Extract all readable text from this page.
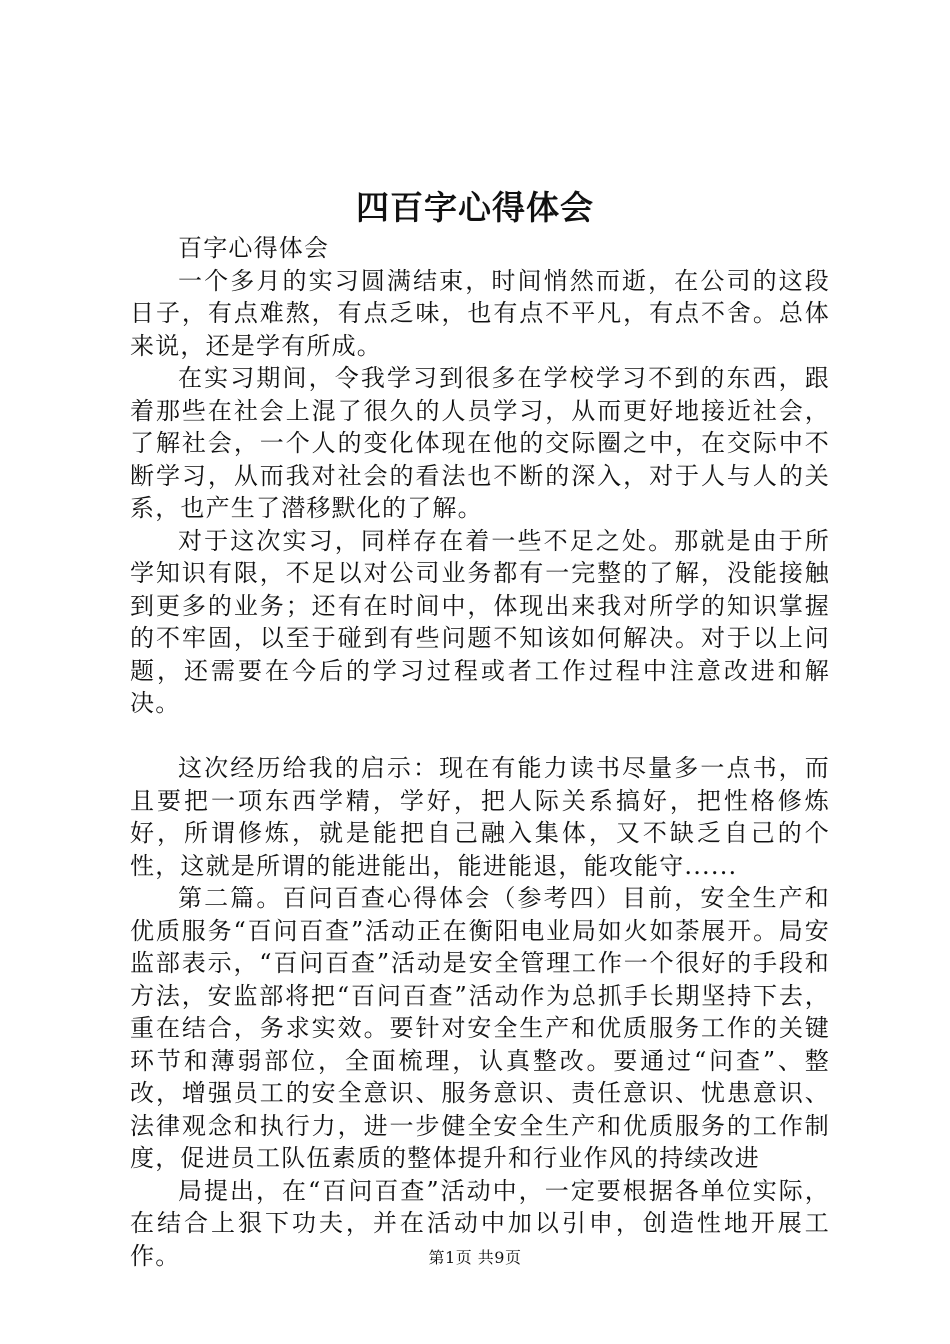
四百字心得体会

百字心得体会

一个多月的实习圆满结束，时间悄然而逝，在公司的这段日子，有点难熬，有点乏味，也有点不平凡，有点不舍。总体来说，还是学有所成。

在实习期间，令我学习到很多在学校学习不到的东西，跟着那些在社会上混了很久的人员学习，从而更好地接近社会，了解社会，一个人的变化体现在他的交际圈之中，在交际中不断学习，从而我对社会的看法也不断的深入，对于人与人的关系，也产生了潜移默化的了解。

对于这次实习，同样存在着一些不足之处。那就是由于所学知识有限，不足以对公司业务都有一完整的了解，没能接触到更多的业务；还有在时间中，体现出来我对所学的知识掌握的不牢固，以至于碰到有些问题不知该如何解决。对于以上问题，还需要在今后的学习过程或者工作过程中注意改进和解决。

这次经历给我的启示：现在有能力读书尽量多一点书，而且要把一项东西学精，学好，把人际关系搞好，把性格修炼好，所谓修炼，就是能把自己融入集体，又不缺乏自己的个性，这就是所谓的能进能出，能进能退，能攻能守......

第二篇。百问百查心得体会（参考四）目前，安全生产和优质服务“百问百查”活动正在衡阳电业局如火如荼展开。局安监部表示，“百问百查”活动是安全管理工作一个很好的手段和方法，安监部将把“百问百查”活动作为总抓手长期坚持下去，重在结合，务求实效。要针对安全生产和优质服务工作的关键环节和薄弱部位，全面梳理，认真整改。要通过“问查”、整改，增强员工的安全意识、服务意识、责任意识、忧患意识、法律观念和执行力，进一步健全安全生产和优质服务的工作制度，促进员工队伍素质的整体提升和行业作风的持续改进

局提出，在“百问百查”活动中，一定要根据各单位实际，在结合上狠下功夫，并在活动中加以引申，创造性地开展工作。	第1页 共9页
